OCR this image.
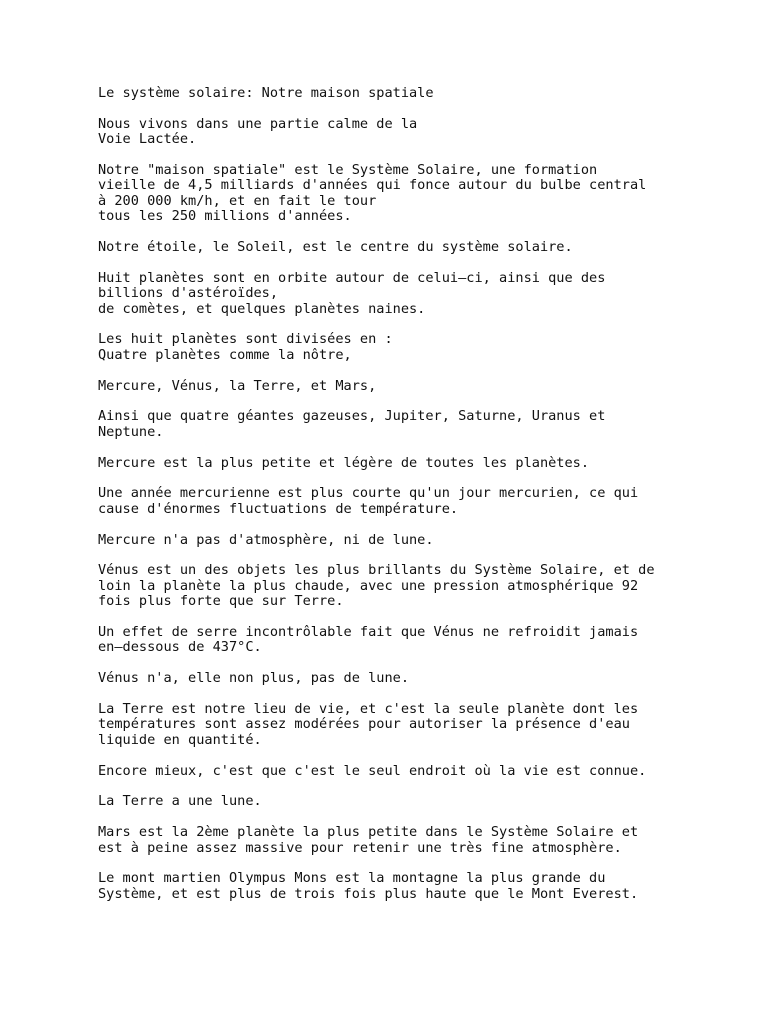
Le système solaire: Notre maison spatiale
Nous vivons dans une partie calme de la
Voie Lactée.
Notre "maison spatiale" est le Système Solaire, une formation
vieille de 4,5 milliards d'années qui fonce autour du bulbe central
à 200 000 km/h, et en fait le tour
tous les 250 millions d'années.
Notre étoile, le Soleil, est le centre du système solaire.
Huit planètes sont en orbite autour de celui—ci, ainsi que des
billions d'astéroïdes,
de comètes, et quelques planètes naines.
Les huit planètes sont divisées en :
Quatre planètes comme la nôtre,
Mercure, Vénus, la Terre, et Mars,
Ainsi que quatre géantes gazeuses, Jupiter, Saturne, Uranus et
Neptune.
Mercure est la plus petite et légère de toutes les planètes.
Une année mercurienne est plus courte qu'un jour mercurien, ce qui
cause d'énormes fluctuations de température.
Mercure n'a pas d'atmosphère, ni de lune.
Vénus est un des objets les plus brillants du Système Solaire, et de
loin la planète la plus chaude, avec une pression atmosphérique 92
fois plus forte que sur Terre.
Un effet de serre incontrôlable fait que Vénus ne refroidit jamais
en—dessous de 437°C.
Vénus n'a, elle non plus, pas de lune.
La Terre est notre lieu de vie, et c'est la seule planète dont les
températures sont assez modérées pour autoriser la présence d'eau
liquide en quantité.
Encore mieux, c'est que c'est le seul endroit où la vie est connue.
La Terre a une lune.
Mars est la 2ème planète la plus petite dans le Système Solaire et
est à peine assez massive pour retenir une très fine atmosphère.
Le mont martien Olympus Mons est la montagne la plus grande du
Système, et est plus de trois fois plus haute que le Mont Everest.
